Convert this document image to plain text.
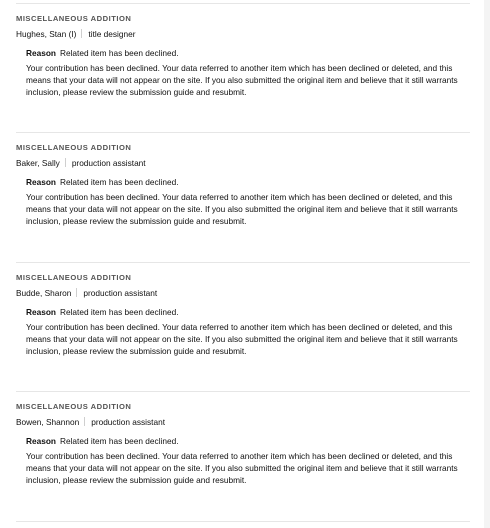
MISCELLANEOUS ADDITION
Hughes, Stan (I) title designer
Reason Related item has been declined.
Your contribution has been declined. Your data referred to another item which has been declined or deleted, and this means that your data will not appear on the site. If you also submitted the original item and believe that it still warrants inclusion, please review the submission guide and resubmit.
MISCELLANEOUS ADDITION
Baker, Sally production assistant
Reason Related item has been declined.
Your contribution has been declined. Your data referred to another item which has been declined or deleted, and this means that your data will not appear on the site. If you also submitted the original item and believe that it still warrants inclusion, please review the submission guide and resubmit.
MISCELLANEOUS ADDITION
Budde, Sharon production assistant
Reason Related item has been declined.
Your contribution has been declined. Your data referred to another item which has been declined or deleted, and this means that your data will not appear on the site. If you also submitted the original item and believe that it still warrants inclusion, please review the submission guide and resubmit.
MISCELLANEOUS ADDITION
Bowen, Shannon production assistant
Reason Related item has been declined.
Your contribution has been declined. Your data referred to another item which has been declined or deleted, and this means that your data will not appear on the site. If you also submitted the original item and believe that it still warrants inclusion, please review the submission guide and resubmit.
